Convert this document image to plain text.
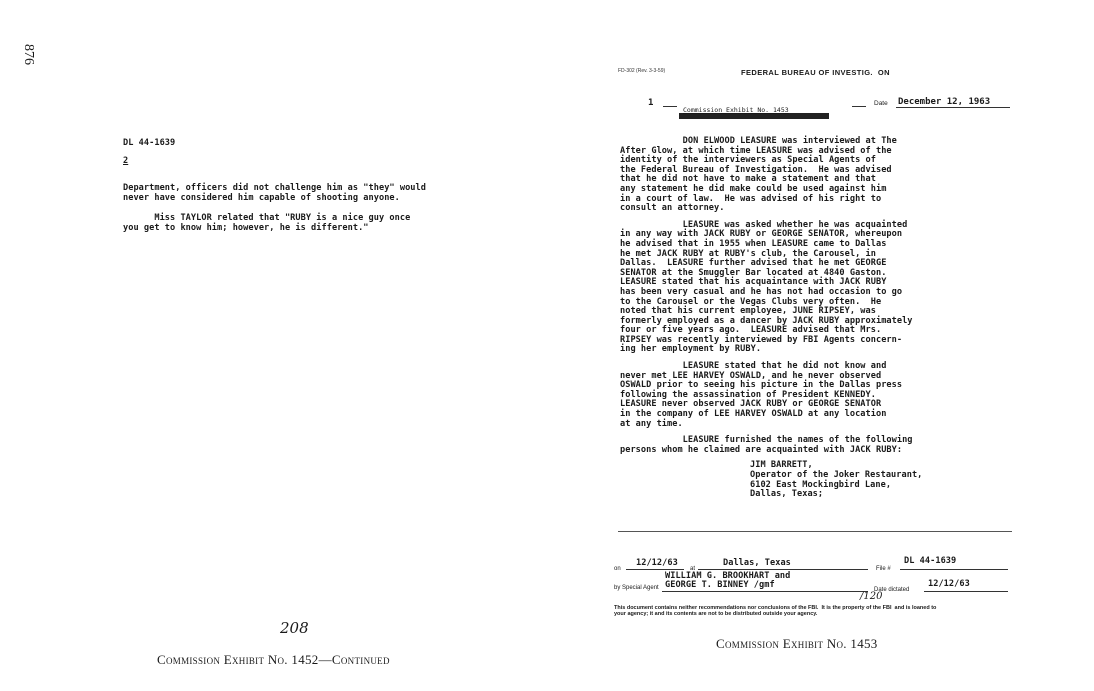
876
DL 44-1639
2
Department, officers did not challenge him as "they" would
never have considered him capable of shooting anyone.
Miss TAYLOR related that "RUBY is a nice guy once
you get to know him; however, he is different."
208
Commission Exhibit No. 1452—Continued
FD-302 (Rev. 3-3-59)	FEDERAL BUREAU OF INVESTIG.  ON
1
Commission Exhibit No. 1453
Date December 12, 1963
DON ELWOOD LEASURE was interviewed at The
After Glow, at which time LEASURE was advised of the
identity of the interviewers as Special Agents of
the Federal Bureau of Investigation.  He was advised
that he did not have to make a statement and that
any statement he did make could be used against him
in a court of law.  He was advised of his right to
consult an attorney.
LEASURE was asked whether he was acquainted
in any way with JACK RUBY or GEORGE SENATOR, whereupon
he advised that in 1955 when LEASURE came to Dallas
he met JACK RUBY at RUBY's club, the Carousel, in
Dallas.  LEASURE further advised that he met GEORGE
SENATOR at the Smuggler Bar located at 4840 Gaston.
LEASURE stated that his acquaintance with JACK RUBY
has been very casual and he has not had occasion to go
to the Carousel or the Vegas Clubs very often.  He
noted that his current employee, JUNE RIPSEY, was
formerly employed as a dancer by JACK RUBY approximately
four or five years ago.  LEASURE advised that Mrs.
RIPSEY was recently interviewed by FBI Agents concern-
ing her employment by RUBY.
LEASURE stated that he did not know and
never met LEE HARVEY OSWALD, and he never observed
OSWALD prior to seeing his picture in the Dallas press
following the assassination of President KENNEDY.
LEASURE never observed JACK RUBY or GEORGE SENATOR
in the company of LEE HARVEY OSWALD at any location
at any time.
LEASURE furnished the names of the following
persons whom he claimed are acquainted with JACK RUBY:
JIM BARRETT,
Operator of the Joker Restaurant,
6102 East Mockingbird Lane,
Dallas, Texas;
on
12/12/63
at
Dallas, Texas
File #
DL 44-1639
by Special Agent
WILLIAM G. BROOKHART and
GEORGE T. BINNEY /gmf	Date dictated
12/12/63
/120
This document contains neither recommendations nor conclusions of the FBI.  It is the property of the FBI  and is loaned to
your agency; it and its contents are not to be distributed outside your agency.
Commission Exhibit No. 1453
